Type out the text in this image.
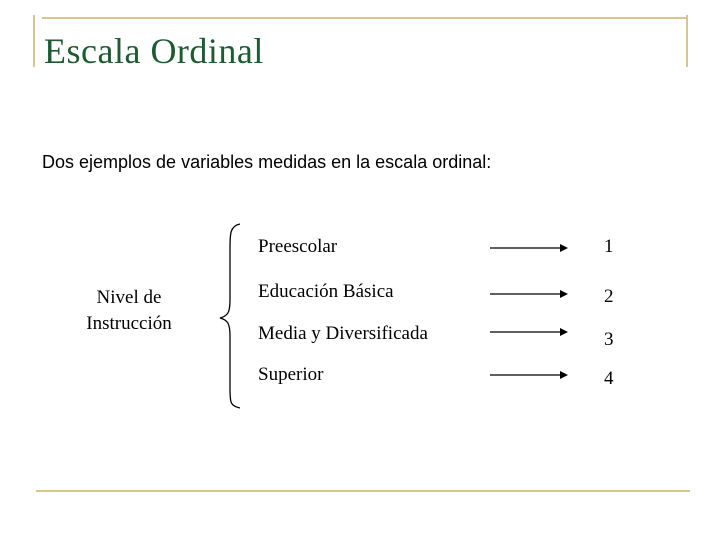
Escala Ordinal
Dos ejemplos de variables medidas en la escala ordinal:
Nivel de Instrucción
Preescolar
Educación Básica
Media y Diversificada
Superior
1
2
3
4
